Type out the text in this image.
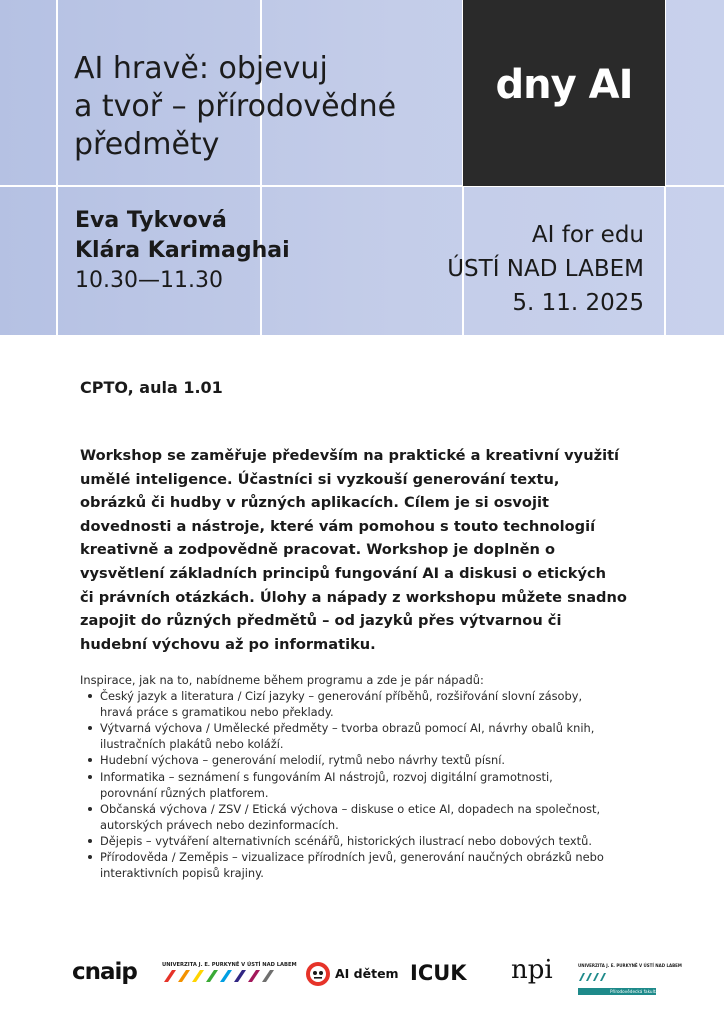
dny AI
AI hravě: objevuj
a tvoř – přírodovědné
předměty
Eva Tykvová
Klára Karimaghai
10.30—11.30
AI for edu
ÚSTÍ NAD LABEM
5. 11. 2025
CPTO, aula 1.01
Workshop se zaměřuje především na praktické a kreativní využití
umělé inteligence. Účastníci si vyzkouší generování textu,
obrázků či hudby v různých aplikacích. Cílem je si osvojit
dovednosti a nástroje, které vám pomohou s touto technologií
kreativně a zodpovědně pracovat. Workshop je doplněn o
vysvětlení základních principů fungování AI a diskusi o etických
či právních otázkách. Úlohy a nápady z workshopu můžete snadno
zapojit do různých předmětů – od jazyků přes výtvarnou či
hudební výchovu až po informatiku.
Inspirace, jak na to, nabídneme během programu a zde je pár nápadů:
Český jazyk a literatura / Cizí jazyky – generování příběhů, rozšiřování slovní zásoby,
hravá práce s gramatikou nebo překlady.
Výtvarná výchova / Umělecké předměty – tvorba obrazů pomocí AI, návrhy obalů knih,
ilustračních plakátů nebo koláží.
Hudební výchova – generování melodií, rytmů nebo návrhy textů písní.
Informatika – seznámení s fungováním AI nástrojů, rozvoj digitální gramotnosti,
porovnání různých platforem.
Občanská výchova / ZSV / Etická výchova – diskuse o etice AI, dopadech na společnost,
autorských právech nebo dezinformacích.
Dějepis – vytváření alternativních scénářů, historických ilustrací nebo dobových textů.
Přírodověda / Zeměpis – vizualizace přírodních jevů, generování naučných obrázků nebo
interaktivních popisů krajiny.
cnaip	UNIVERZITA J. E. PURKYNĚ V ÚSTÍ NAD LABEM
AI dětem ICUK npi	UNIVERZITA J. E. PURKYNĚ V ÚSTÍ NAD LABEM
Přírodovědecká fakulta
